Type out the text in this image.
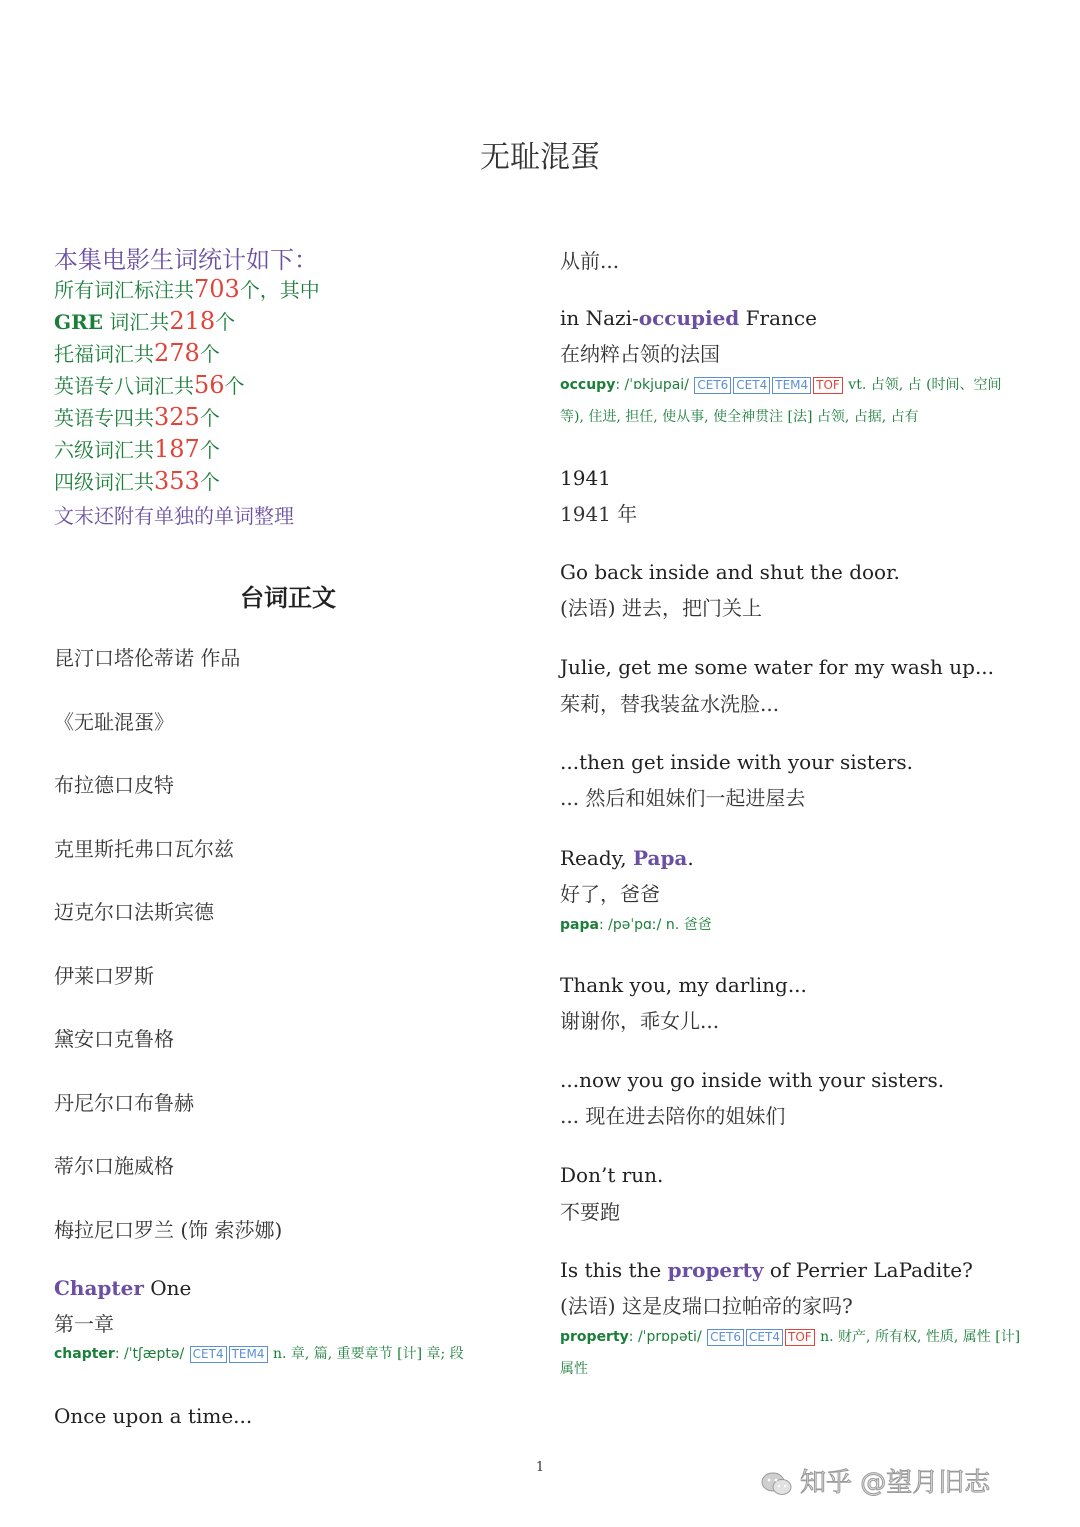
无耻混蛋
本集电影生词统计如下：
所有词汇标注共703个，其中
GRE 词汇共218个
托福词汇共278个
英语专八词汇共56个
英语专四共325个
六级词汇共187个
四级词汇共353个
文末还附有单独的单词整理
台词正文
昆汀口塔伦蒂诺 作品
《无耻混蛋》
布拉德口皮特
克里斯托弗口瓦尔兹
迈克尔口法斯宾德
伊莱口罗斯
黛安口克鲁格
丹尼尔口布鲁赫
蒂尔口施威格
梅拉尼口罗兰 (饰 索莎娜)
Chapter One
第一章
chapter: /ˈtʃæptə/ CET4 TEM4 n. 章, 篇, 重要章节 [计] 章; 段
Once upon a time...
从前...
in Nazi-occupied France
在纳粹占领的法国
occupy: /ˈɒkjupai/ CET6 CET4 TEM4 TOF vt. 占领, 占 (时间、空间
等), 住进, 担任, 使从事, 使全神贯注 [法] 占领, 占据, 占有
1941
1941 年
Go back inside and shut the door.
(法语) 进去，把门关上
Julie, get me some water for my wash up...
茱莉，替我装盆水洗脸...
...then get inside with your sisters.
... 然后和姐妹们一起进屋去
Ready, Papa.
好了，爸爸
papa: /pəˈpɑː/ n. 爸爸
Thank you, my darling...
谢谢你，乖女儿...
...now you go inside with your sisters.
... 现在进去陪你的姐妹们
Don’t run.
不要跑
Is this the property of Perrier LaPadite?
(法语) 这是皮瑞口拉帕帝的家吗?
property: /ˈprɒpəti/ CET6 CET4 TOF n. 财产, 所有权, 性质, 属性 [计]
属性
1
知乎 @望月旧志
